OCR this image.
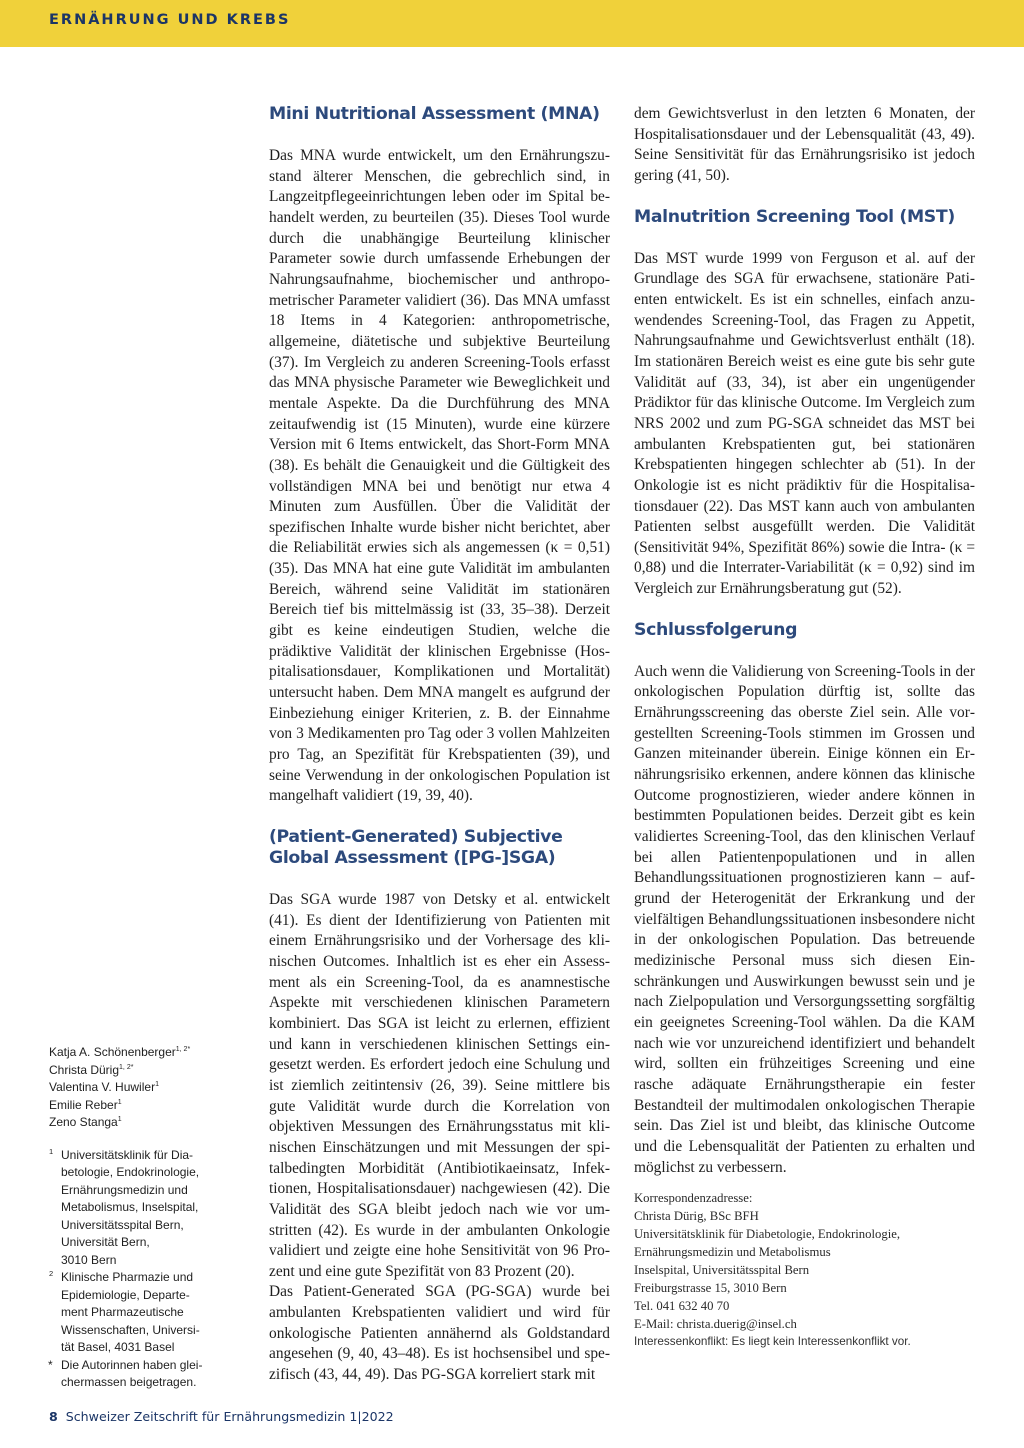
ERNÄHRUNG UND KREBS
Mini Nutritional Assessment (MNA)

Das MNA wurde entwickelt, um den Ernährungszustand älterer Menschen, die gebrechlich sind, in Langzeitpflegeeinrichtungen leben oder im Spital behandelt werden, zu beurteilen (35). Dieses Tool wurde durch die unabhängige Beurteilung klinischer Parameter sowie durch umfassende Erhebungen der Nahrungsaufnahme, biochemischer und anthropometrischer Parameter validiert (36). Das MNA umfasst 18 Items in 4 Kategorien: anthropometrische, allgemeine, diätetische und subjektive Beurteilung (37). Im Vergleich zu anderen Screening-Tools erfasst das MNA physische Parameter wie Beweglichkeit und mentale Aspekte. Da die Durchführung des MNA zeitaufwendig ist (15 Minuten), wurde eine kürzere Version mit 6 Items entwickelt, das Short-Form MNA (38). Es behält die Genauigkeit und die Gültigkeit des vollständigen MNA bei und benötigt nur etwa 4 Minuten zum Ausfüllen. Über die Validität der spezifischen Inhalte wurde bisher nicht berichtet, aber die Reliabilität erwies sich als angemessen (κ = 0,51) (35). Das MNA hat eine gute Validität im ambulanten Bereich, während seine Validität im stationären Bereich tief bis mittelmässig ist (33, 35–38). Derzeit gibt es keine eindeutigen Studien, welche die prädiktive Validität der klinischen Ergebnisse (Hospitalisationsdauer, Komplikationen und Mortalität) untersucht haben. Dem MNA mangelt es aufgrund der Einbeziehung einiger Kriterien, z. B. der Einnahme von 3 Medikamenten pro Tag oder 3 vollen Mahlzeiten pro Tag, an Spezifität für Krebspatienten (39), und seine Verwendung in der onkologischen Population ist mangelhaft validiert (19, 39, 40).

(Patient-Generated) Subjective Global Assessment ([PG-]SGA)

Das SGA wurde 1987 von Detsky et al. entwickelt (41). Es dient der Identifizierung von Patienten mit einem Ernährungsrisiko und der Vorhersage des klinischen Outcomes. Inhaltlich ist es eher ein Assessment als ein Screening-Tool, da es anamnestische Aspekte mit verschiedenen klinischen Parametern kombiniert. Das SGA ist leicht zu erlernen, effizient und kann in verschiedenen klinischen Settings eingesetzt werden. Es erfordert jedoch eine Schulung und ist ziemlich zeitintensiv (26, 39). Seine mittlere bis gute Validität wurde durch die Korrelation von objektiven Messungen des Ernährungsstatus mit klinischen Einschätzungen und mit Messungen der spitalbedingten Morbidität (Antibiotikaeinsatz, Infektionen, Hospitalisationsdauer) nachgewiesen (42). Die Validität des SGA bleibt jedoch nach wie vor umstritten (42). Es wurde in der ambulanten Onkologie validiert und zeigte eine hohe Sensitivität von 96 Prozent und eine gute Spezifität von 83 Prozent (20).

Das Patient-Generated SGA (PG-SGA) wurde bei ambulanten Krebspatienten validiert und wird für onkologische Patienten annähernd als Goldstandard angesehen (9, 40, 43–48). Es ist hochsensibel und spezifisch (43, 44, 49). Das PG-SGA korreliert stark mit

dem Gewichtsverlust in den letzten 6 Monaten, der Hospitalisationsdauer und der Lebensqualität (43, 49). Seine Sensitivität für das Ernährungsrisiko ist jedoch gering (41, 50).

Malnutrition Screening Tool (MST)

Das MST wurde 1999 von Ferguson et al. auf der Grundlage des SGA für erwachsene, stationäre Patienten entwickelt. Es ist ein schnelles, einfach anzuwendendes Screening-Tool, das Fragen zu Appetit, Nahrungsaufnahme und Gewichtsverlust enthält (18). Im stationären Bereich weist es eine gute bis sehr gute Validität auf (33, 34), ist aber ein ungenügender Prädiktor für das klinische Outcome. Im Vergleich zum NRS 2002 und zum PG-SGA schneidet das MST bei ambulanten Krebspatienten gut, bei stationären Krebspatienten hingegen schlechter ab (51). In der Onkologie ist es nicht prädiktiv für die Hospitalisationsdauer (22). Das MST kann auch von ambulanten Patienten selbst ausgefüllt werden. Die Validität (Sensitivität 94%, Spezifität 86%) sowie die Intra- (κ = 0,88) und die Interrater-Variabilität (κ = 0,92) sind im Vergleich zur Ernährungsberatung gut (52).

Schlussfolgerung

Auch wenn die Validierung von Screening-Tools in der onkologischen Population dürftig ist, sollte das Ernährungsscreening das oberste Ziel sein. Alle vorgestellten Screening-Tools stimmen im Grossen und Ganzen miteinander überein. Einige können ein Ernährungsrisiko erkennen, andere können das klinische Outcome prognostizieren, wieder andere können in bestimmten Populationen beides. Derzeit gibt es kein validiertes Screening-Tool, das den klinischen Verlauf bei allen Patientenpopulationen und in allen Behandlungssituationen prognostizieren kann – aufgrund der Heterogenität der Erkrankung und der vielfältigen Behandlungssituationen insbesondere nicht in der onkologischen Population. Das betreuende medizinische Personal muss sich diesen Einschränkungen und Auswirkungen bewusst sein und je nach Zielpopulation und Versorgungssetting sorgfältig ein geeignetes Screening-Tool wählen. Da die KAM nach wie vor unzureichend identifiziert und behandelt wird, sollten ein frühzeitiges Screening und eine rasche adäquate Ernährungstherapie ein fester Bestandteil der multimodalen onkologischen Therapie sein. Das Ziel ist und bleibt, das klinische Outcome und die Lebensqualität der Patienten zu erhalten und möglichst zu verbessern.

Korrespondenzadresse:
Christa Dürig, BSc BFH
Universitätsklinik für Diabetologie, Endokrinologie,
Ernährungsmedizin und Metabolismus
Inselspital, Universitätsspital Bern
Freiburgstrasse 15, 3010 Bern
Tel. 041 632 40 70
E-Mail: christa.duerig@insel.ch
Interessenkonflikt: Es liegt kein Interessenkonflikt vor.
Katja A. Schönenberger$^{1, 2*}$
Christa Dürig$^{1, 2*}$
Valentina V. Huwiler$^1$
Emilie Reber$^1$
Zeno Stanga$^1$
1 Universitätsklinik für Dia-
betologie, Endokrinologie,
Ernährungsmedizin und
Metabolismus, Inselspital,
Universitätsspital Bern,
Universität Bern,
3010 Bern
2 Klinische Pharmazie und
Epidemiologie, Departe-
ment Pharmazeutische
Wissenschaften, Universi-
tät Basel, 4031 Basel
* Die Autorinnen haben glei-
chermassen beigetragen.
8 Schweizer Zeitschrift für Ernährungsmedizin 1|2022
